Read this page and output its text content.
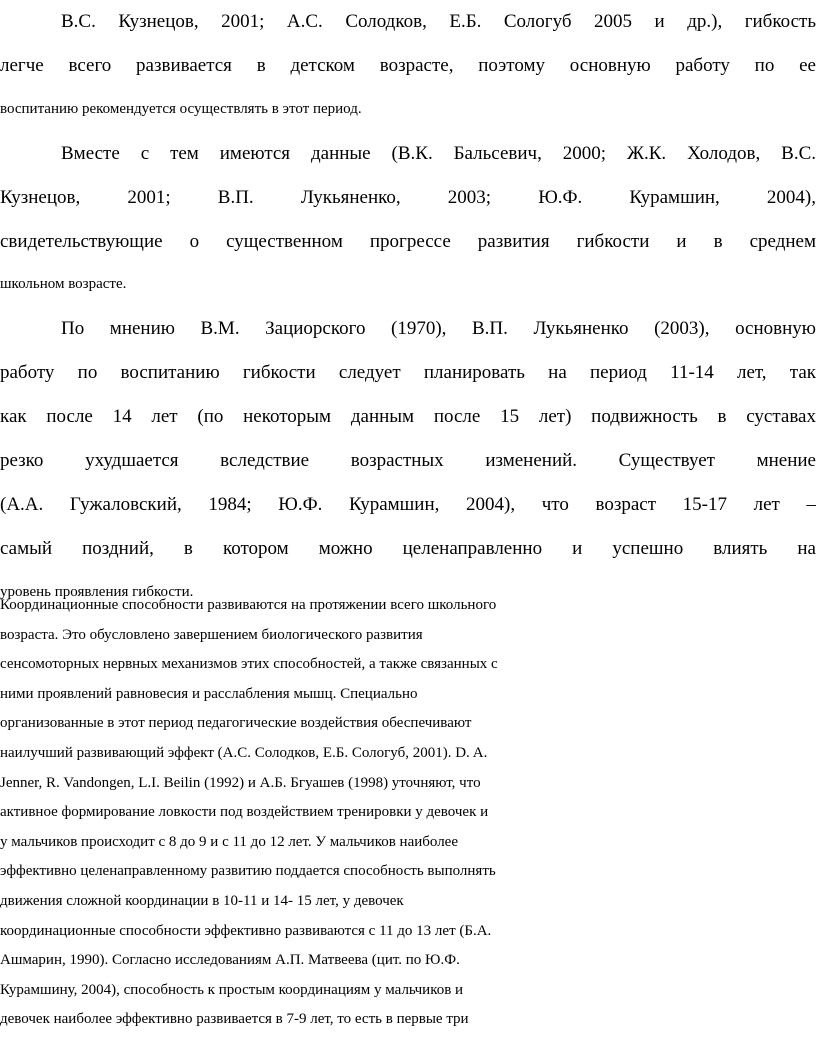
В.С. Кузнецов, 2001; А.С. Солодков, Е.Б. Сологуб 2005 и др.), гибкость
легче всего развивается в детском возрасте, поэтому основную работу по ее
воспитанию рекомендуется осуществлять в этот период.

Вместе с тем имеются данные (В.К. Бальсевич, 2000; Ж.К. Холодов, В.С.
Кузнецов, 2001; В.П. Лукьяненко, 2003; Ю.Ф. Курамшин, 2004),
свидетельствующие о существенном прогрессе развития гибкости и в среднем
школьном возрасте.

По мнению В.М. Зациорского (1970), В.П. Лукьяненко (2003), основную
работу по воспитанию гибкости следует планировать на период 11-14 лет, так
как после 14 лет (по некоторым данным после 15 лет) подвижность в суставах
резко ухудшается вследствие возрастных изменений. Существует мнение
(А.А. Гужаловский, 1984; Ю.Ф. Курамшин, 2004), что возраст 15-17 лет –
самый поздний, в котором можно целенаправленно и успешно влиять на
уровень проявления гибкости.

Координационные способности развиваются на протяжении всего школьного
возраста. Это обусловлено завершением биологического развития
сенсомоторных нервных механизмов этих способностей, а также связанных с
ними проявлений равновесия и расслабления мышц. Специально
организованные в этот период педагогические воздействия обеспечивают
наилучший развивающий эффект (А.С. Солодков, Е.Б. Сологуб, 2001). D. A.
Jenner, R. Vandongen, L.I. Beilin (1992) и А.Б. Бгуашев (1998) уточняют, что
активное формирование ловкости под воздействием тренировки у девочек и
у мальчиков происходит с 8 до 9 и с 11 до 12 лет. У мальчиков наиболее
эффективно целенаправленному развитию поддается способность выполнять
движения сложной координации в 10-11 и 14- 15 лет, у девочек
координационные способности эффективно развиваются с 11 до 13 лет (Б.А.
Ашмарин, 1990). Согласно исследованиям А.П. Матвеева (цит. по Ю.Ф.
Курамшину, 2004), способность к простым координациям у мальчиков и
девочек наиболее эффективно развивается в 7-9 лет, то есть в первые три
